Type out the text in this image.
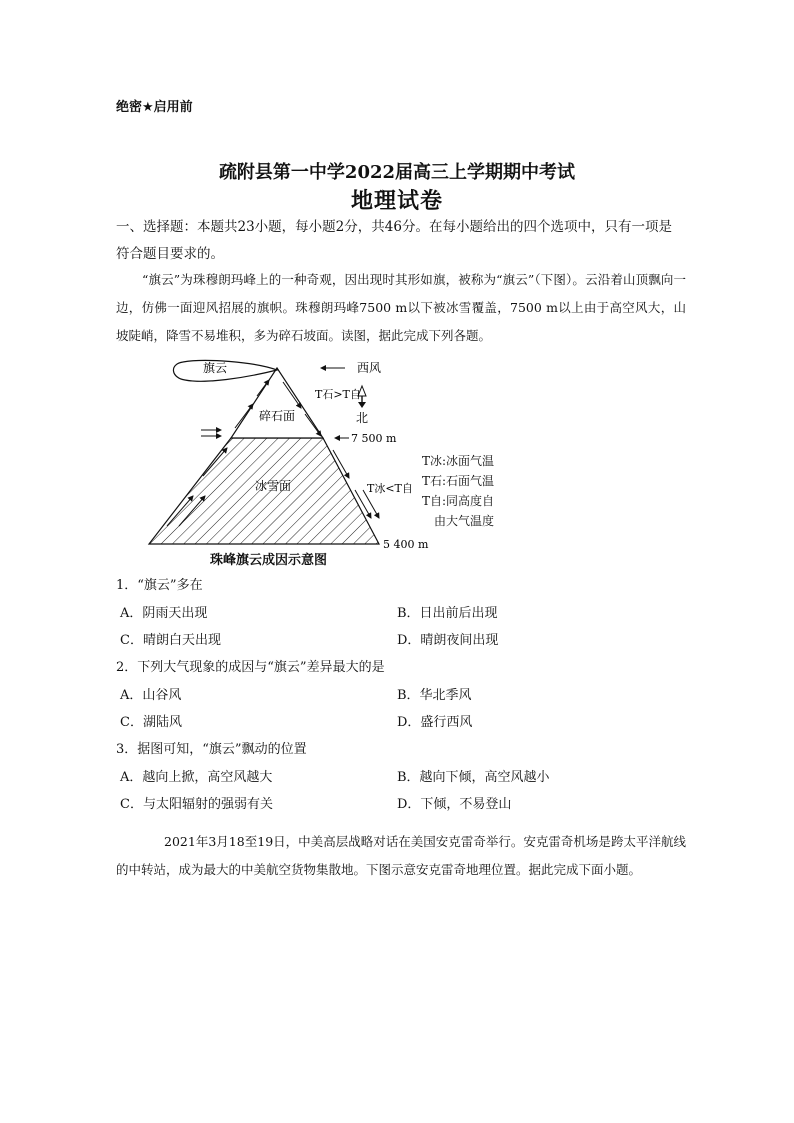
绝密★启用前
疏附县第一中学2022届高三上学期期中考试
地理试卷
一、选择题：本题共23小题，每小题2分，共46分。在每小题给出的四个选项中，只有一项是符合题目要求的。
“旗云”为珠穆朗玛峰上的一种奇观，因出现时其形如旗，被称为“旗云”（下图）。云沿着山顶飘向一边，仿佛一面迎风招展的旗帜。珠穆朗玛峰7500 m以下被冰雪覆盖，7500 m以上由于高空风大，山坡陡峭，降雪不易堆积，多为碎石坡面。读图，据此完成下列各题。
旗云	西风
T石>T自
北
碎石面
7 500 m
冰雪面	T冰<T自
5 400 m
T冰:冰面气温
T石:石面气温
T自:同高度自
由大气温度
珠峰旗云成因示意图
1．“旗云”多在
A．阴雨天出现	B．日出前后出现
C．晴朗白天出现	D．晴朗夜间出现
2．下列大气现象的成因与“旗云”差异最大的是
A．山谷风	B．华北季风
C．湖陆风	D．盛行西风
3．据图可知，“旗云”飘动的位置
A．越向上掀，高空风越大	B．越向下倾，高空风越小
C．与太阳辐射的强弱有关	D．下倾，不易登山
2021年3月18至19日，中美高层战略对话在美国安克雷奇举行。安克雷奇机场是跨太平洋航线的中转站，成为最大的中美航空货物集散地。下图示意安克雷奇地理位置。据此完成下面小题。
